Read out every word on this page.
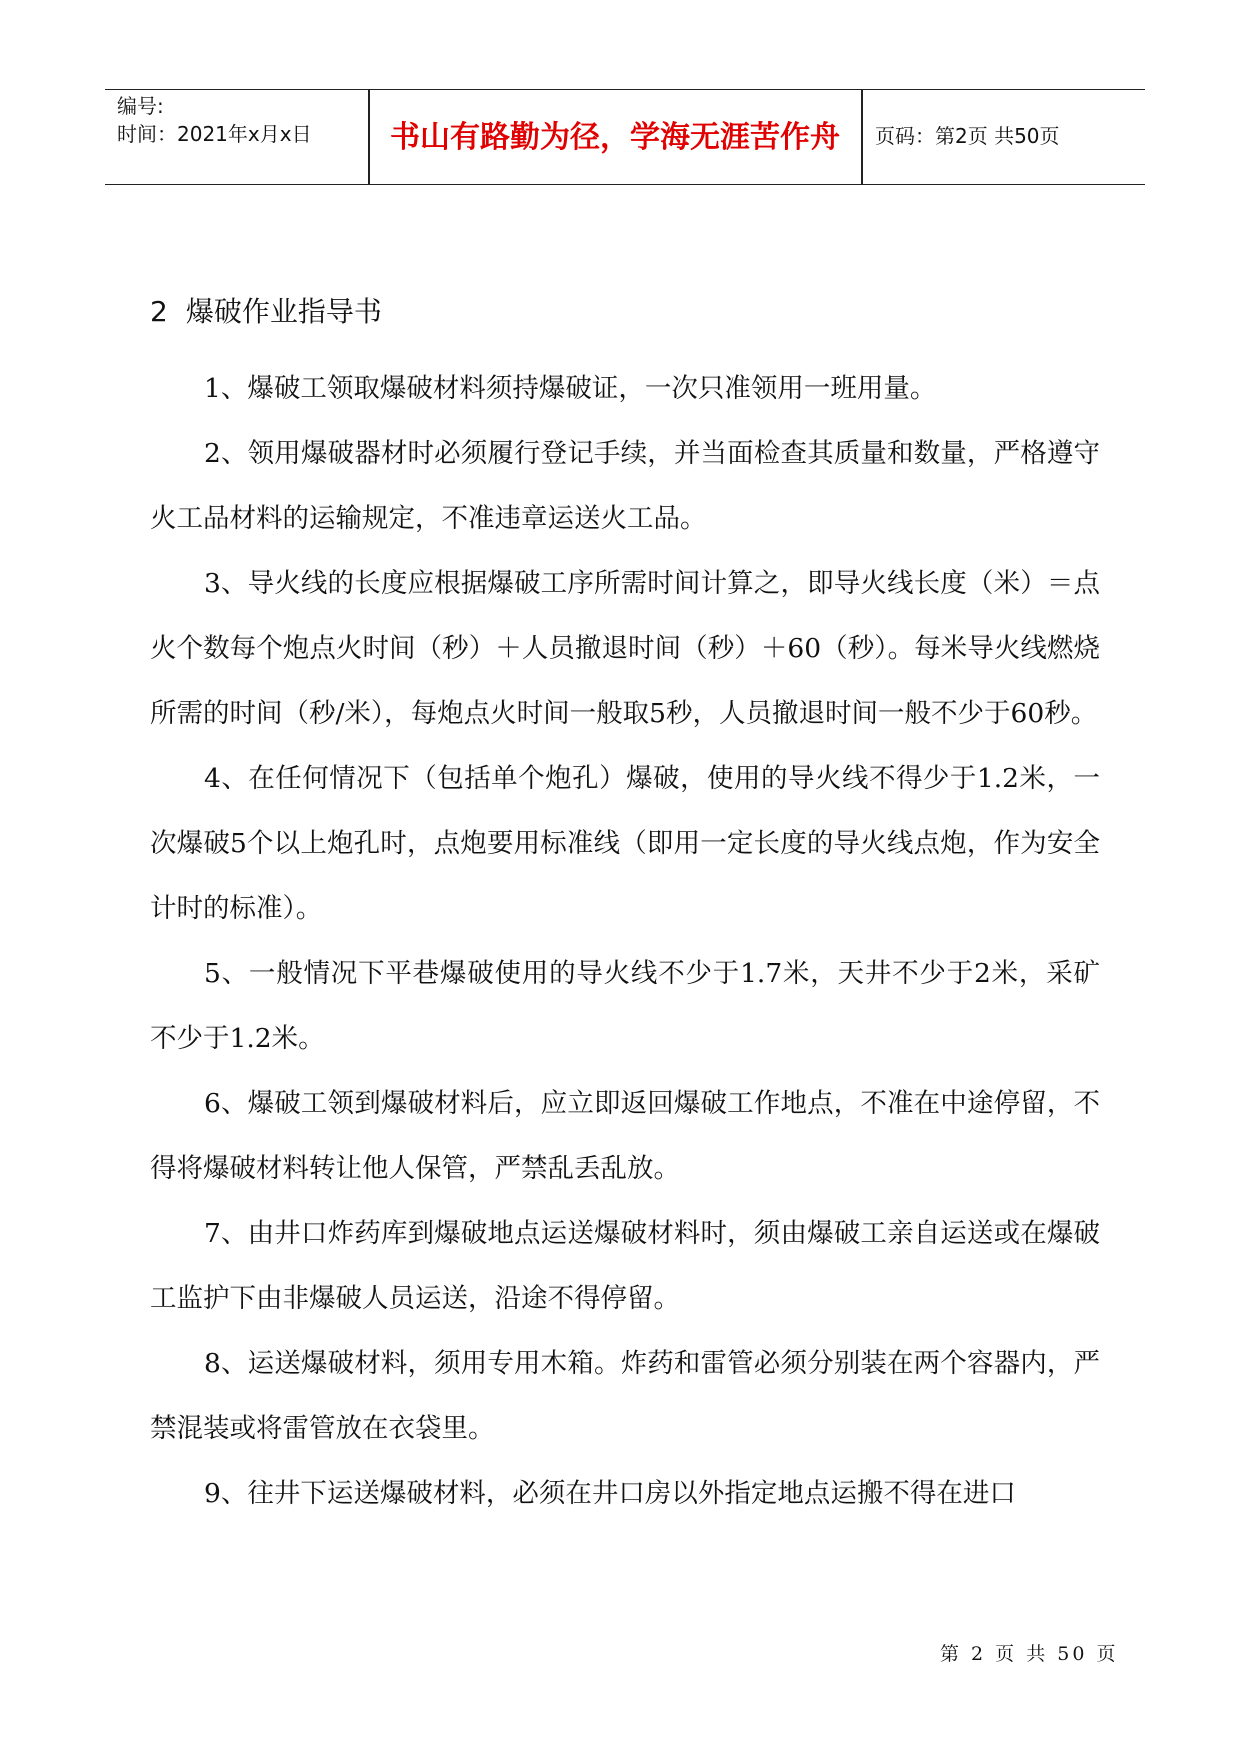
编号:
时间：2021年x月x日	书山有路勤为径，学海无涯苦作舟	页码：第2页 共50页
2 爆破作业指导书

1、爆破工领取爆破材料须持爆破证，一次只准领用一班用量。

2、领用爆破器材时必须履行登记手续，并当面检查其质量和数量，严格遵守火工品材料的运输规定，不准违章运送火工品。

3、导火线的长度应根据爆破工序所需时间计算之，即导火线长度（米）＝点火个数每个炮点火时间（秒）＋人员撤退时间（秒）＋60（秒）。每米导火线燃烧所需的时间（秒/米），每炮点火时间一般取5秒，人员撤退时间一般不少于60秒。

4、在任何情况下（包括单个炮孔）爆破，使用的导火线不得少于1.2米，一次爆破5个以上炮孔时，点炮要用标准线（即用一定长度的导火线点炮，作为安全计时的标准）。

5、一般情况下平巷爆破使用的导火线不少于1.7米，天井不少于2米，采矿不少于1.2米。

6、爆破工领到爆破材料后，应立即返回爆破工作地点，不准在中途停留，不得将爆破材料转让他人保管，严禁乱丢乱放。

7、由井口炸药库到爆破地点运送爆破材料时，须由爆破工亲自运送或在爆破工监护下由非爆破人员运送，沿途不得停留。

8、运送爆破材料，须用专用木箱。炸药和雷管必须分别装在两个容器内，严禁混装或将雷管放在衣袋里。

9、往井下运送爆破材料，必须在井口房以外指定地点运搬不得在进口

第 2 页 共 50 页
